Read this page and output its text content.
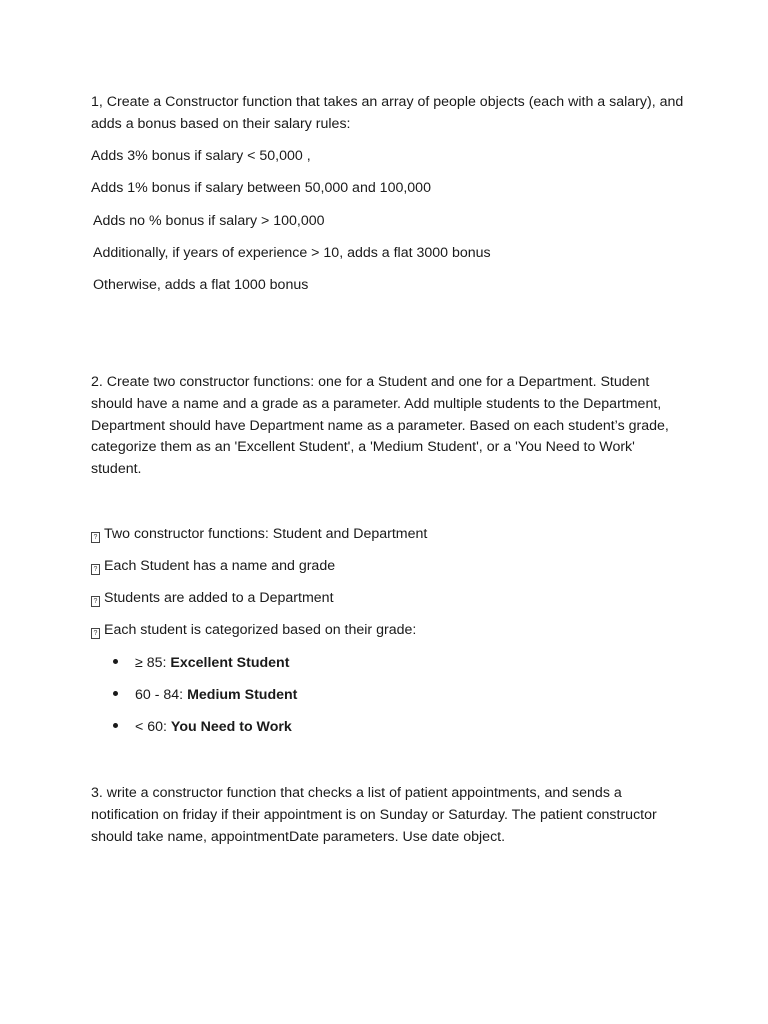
1, Create a Constructor function that takes an array of people objects (each with a salary), and adds a bonus based on their salary rules:

Adds 3% bonus if salary < 50,000 ,

Adds 1% bonus if salary between 50,000 and 100,000

Adds no % bonus if salary > 100,000

Additionally, if years of experience > 10, adds a flat 3000 bonus

Otherwise, adds a flat 1000 bonus

2. Create two constructor functions: one for a Student and one for a Department. Student should have a name and a grade as a parameter. Add multiple students to the Department, Department should have Department name as a parameter. Based on each student’s grade, categorize them as an 'Excellent Student', a 'Medium Student', or a 'You Need to Work' student.

? Two constructor functions: Student and Department

? Each Student has a name and grade

? Students are added to a Department

? Each student is categorized based on their grade:

≥ 85: Excellent Student
60 - 84: Medium Student
< 60: You Need to Work

3. write a constructor function that checks a list of patient appointments, and sends a notification on friday if their appointment is on Sunday or Saturday. The patient constructor should take name, appointmentDate parameters. Use date object.
